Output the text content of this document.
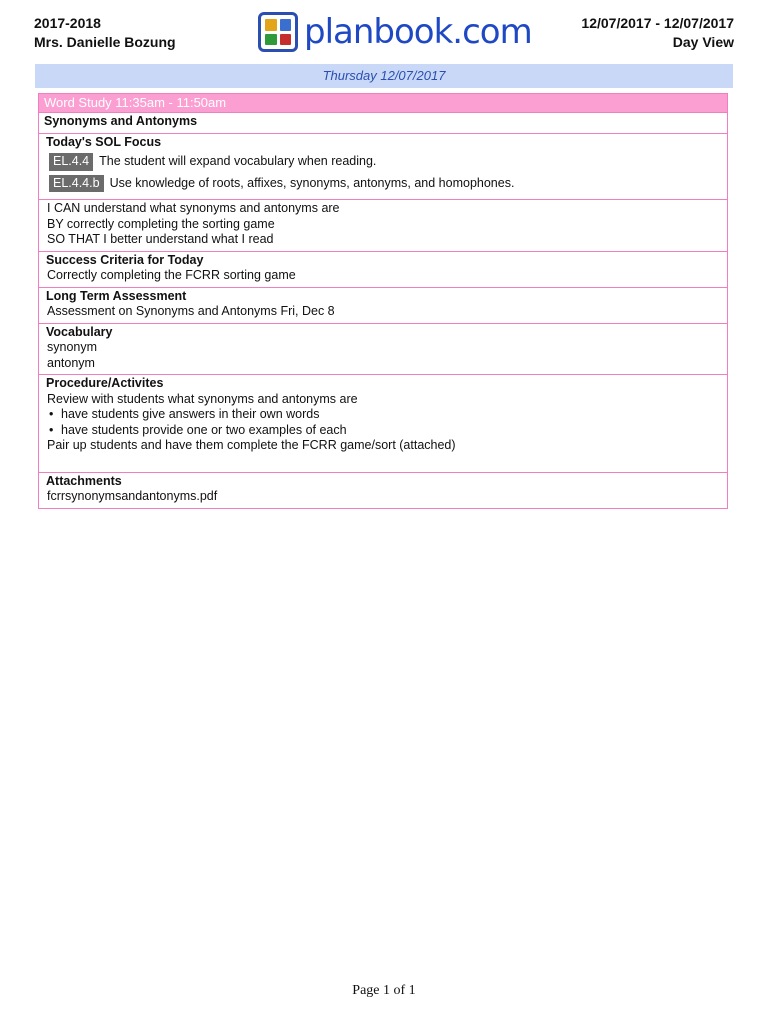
2017-2018
Mrs. Danielle Bozung	planbook.com	12/07/2017 - 12/07/2017
Day View
Thursday 12/07/2017
Word Study 11:35am - 11:50am
Synonyms and Antonyms
Today's SOL Focus
EL.4.4 The student will expand vocabulary when reading.
EL.4.4.b Use knowledge of roots, affixes, synonyms, antonyms, and homophones.
I CAN understand what synonyms and antonyms are
BY correctly completing the sorting game
SO THAT I better understand what I read
Success Criteria for Today
Correctly completing the FCRR sorting game
Long Term Assessment
Assessment on Synonyms and Antonyms Fri, Dec 8
Vocabulary
synonym
antonym
Procedure/Activites
Review with students what synonyms and antonyms are
• have students give answers in their own words
• have students provide one or two examples of each
Pair up students and have them complete the FCRR game/sort (attached)
Attachments
fcrrsynonymsandantonyms.pdf
Page 1 of 1
